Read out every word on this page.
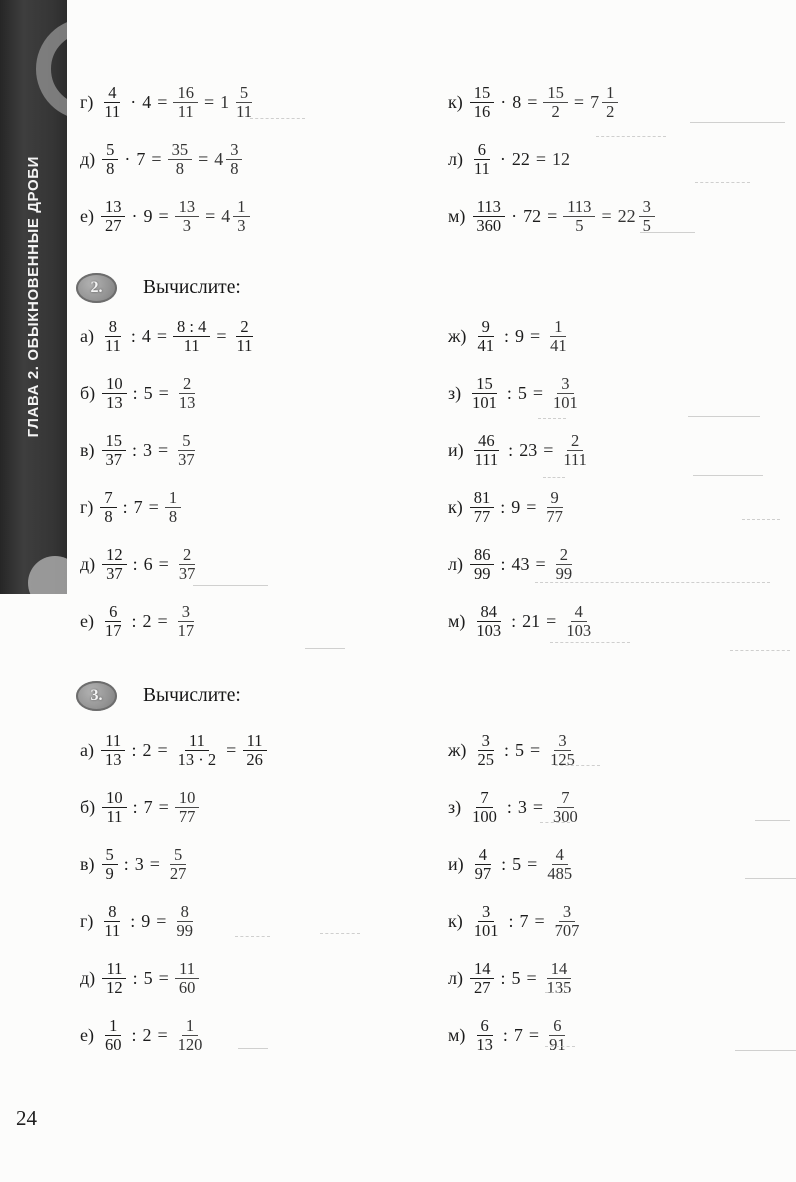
ГЛАВА 2. ОБЫКНОВЕННЫЕ ДРОБИ
$г) \frac{4}{11} \cdot 4 = \frac{16}{11} = 1 \frac{5}{11}$	$к) \frac{15}{16} \cdot 8 = \frac{15}{2} = 7 \frac{1}{2}$
$д) \frac{5}{8} \cdot 7 = \frac{35}{8} = 4 \frac{3}{8}$	$л) \frac{6}{11} \cdot 22 = 12$
$е) \frac{13}{27} \cdot 9 = \frac{13}{3} = 4 \frac{1}{3}$	$м) \frac{113}{360} \cdot 72 = \frac{113}{5} = 22 \frac{3}{5}$
2.	Вычислите:
$а) \frac{8}{11}$ : $4 = \frac{8 : 4}{11} = \frac{2}{11}$	$ж) \frac{9}{41}$ : $9 = \frac{1}{41}$
$б) \frac{10}{13}$ : $5 = \frac{2}{13}$	$з) \frac{15}{101}$ : $5 = \frac{3}{101}$
$в) \frac{15}{37}$ : $3 = \frac{5}{37}$	$и) \frac{46}{111}$ : $23 = \frac{2}{111}$
$г) \frac{7}{8}$ : $7 = \frac{1}{8}$	$к) \frac{81}{77}$ : $9 = \frac{9}{77}$
$д) \frac{12}{37}$ : $6 = \frac{2}{37}$	$л) \frac{86}{99}$ : $43 = \frac{2}{99}$
$е) \frac{6}{17}$ : $2 = \frac{3}{17}$	$м) \frac{84}{103}$ : $21 = \frac{4}{103}$
3.	Вычислите:
$а) \frac{11}{13}$ : $2 = \frac{11}{13 \cdot 2} = \frac{11}{26}$	$ж) \frac{3}{25}$ : $5 = \frac{3}{125}$
$б) \frac{10}{11}$ : $7 = \frac{10}{77}$	$з) \frac{7}{100}$ : $3 = \frac{7}{300}$
$в) \frac{5}{9}$ : $3 = \frac{5}{27}$	$и) \frac{4}{97}$ : $5 = \frac{4}{485}$
$г) \frac{8}{11}$ : $9 = \frac{8}{99}$	$к) \frac{3}{101}$ : $7 = \frac{3}{707}$
$д) \frac{11}{12}$ : $5 = \frac{11}{60}$	$л) \frac{14}{27}$ : $5 = \frac{14}{135}$
$е) \frac{1}{60}$ : $2 = \frac{1}{120}$	$м) \frac{6}{13}$ : $7 = \frac{6}{91}$
24
